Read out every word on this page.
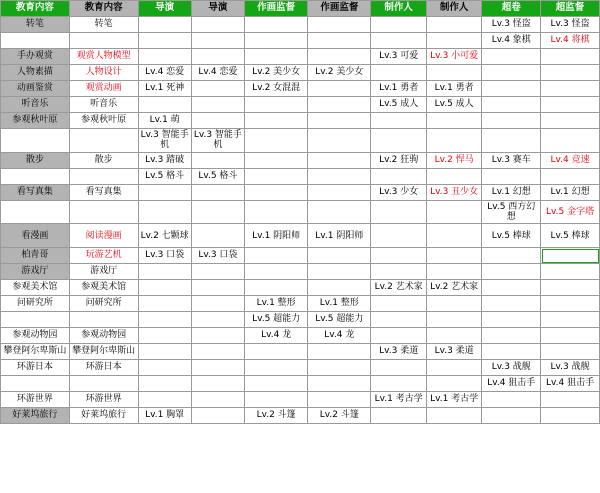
教育内容	教育内容	导演	导演	作画监督	作画监督	制作人	制作人	超卷	超监督
转笔	转笔							Lv.3 怪盗	Lv.3 怪盗
								Lv.4 象棋	Lv.4 将棋
手办观赏	观赏人物模型					Lv.3 可爱	Lv.3 小可爱		
人物素描	人物设计	Lv.4 恋爱	Lv.4 恋爱	Lv.2 美少女	Lv.2 美少女				
动画鉴赏	观赏动画	Lv.1 死神	Lv.1 阎王	Lv.2 女混混	Lv.2 不良少女	Lv.1 勇者	Lv.1 勇者		
听音乐	听音乐					Lv.5 成人	Lv.5 成人		
参观秋叶原	参观秋叶原	Lv.1 萌	Lv.1 萌物						
		Lv.3 智能手机	Lv.3 智能手机						
散步	散步	Lv.3 踏破	Lv.4 竞骑			Lv.2 狂驹	Lv.2 悍马	Lv.3 赛车	Lv.4 竞速
		Lv.5 格斗	Lv.5 格斗						
看写真集	看写真集					Lv.3 少女	Lv.3 丑少女	Lv.1 幻想	Lv.1 幻想
								Lv.5 西方幻想	Lv.5 金字塔
看漫画	阅读漫画	Lv.2 七颗球	Lv.2 七颗珠子	Lv.1 阴阳师	Lv.1 阴阳师			Lv.5 棒球	Lv.5 棒球
柏青哥	玩游艺机	Lv.3 口袋	Lv.3 口袋						
游戏厅	游戏厅								
参观美术馆	参观美术馆					Lv.2 艺术家	Lv.2 艺术家		
问研究所	问研究所			Lv.1 整形	Lv.1 整形				
				Lv.5 超能力	Lv.5 超能力				
参观动物园	参观动物园			Lv.4 龙	Lv.4 龙				
攀登阿尔卑斯山	攀登阿尔卑斯山					Lv.3 柔道	Lv.3 柔道		
环游日本	环游日本							Lv.3 战舰	Lv.3 战舰
								Lv.4 狙击手	Lv.4 狙击手
环游世界	环游世界					Lv.1 考古学	Lv.1 考古学		
好莱坞旅行	好莱坞旅行	Lv.1 胸罩	Lv.5 文胸	Lv.2 斗篷	Lv.2 斗篷				
